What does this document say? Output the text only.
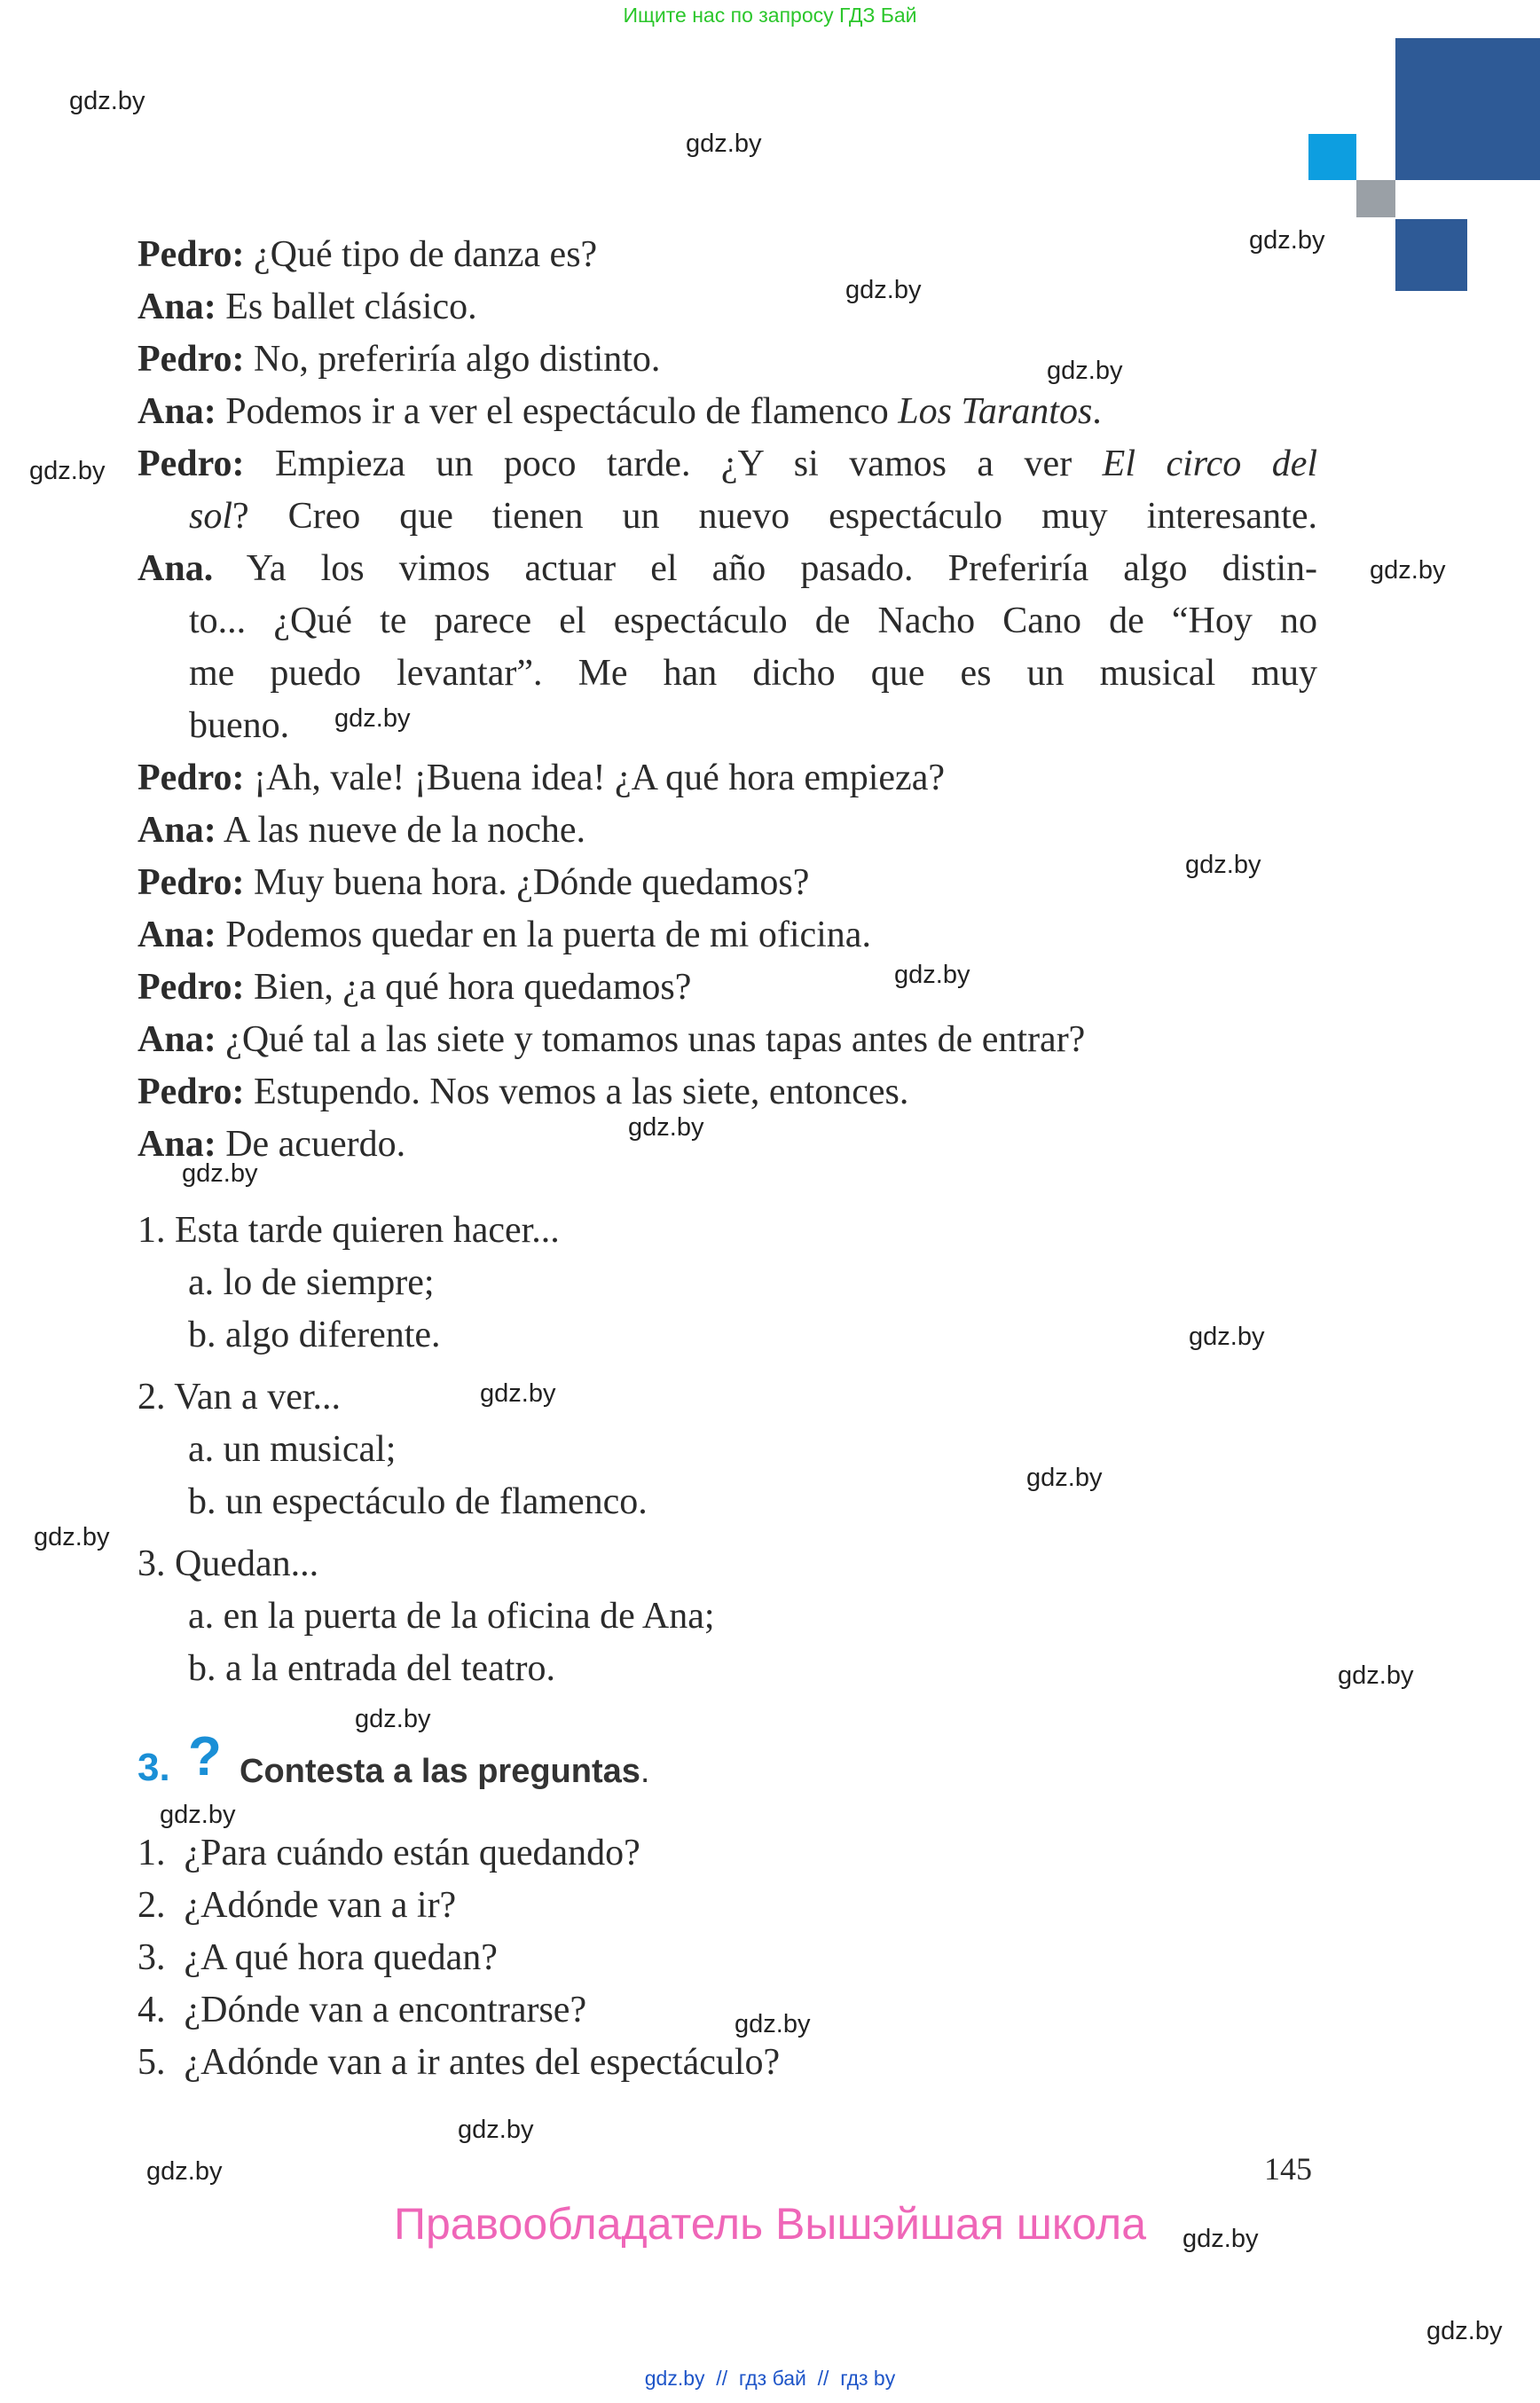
Ищите нас по запросу ГДЗ Бай
Pedro: ¿Qué tipo de danza es?
Ana: Es ballet clásico.
Pedro: No, preferiría algo distinto.
Ana: Podemos ir a ver el espectáculo de flamenco Los Tarantos.
Pedro: Empieza un poco tarde. ¿Y si vamos a ver El circo del
sol? Creo que tienen un nuevo espectáculo muy interesante.
Ana. Ya los vimos actuar el año pasado. Preferiría algo distin-
to... ¿Qué te parece el espectáculo de Nacho Cano de “Hoy no
me puedo levantar”. Me han dicho que es un musical muy
bueno.
Pedro: ¡Ah, vale! ¡Buena idea! ¿A qué hora empieza?
Ana: A las nueve de la noche.
Pedro: Muy buena hora. ¿Dónde quedamos?
Ana: Podemos quedar en la puerta de mi oficina.
Pedro: Bien, ¿a qué hora quedamos?
Ana: ¿Qué tal a las siete y tomamos unas tapas antes de entrar?
Pedro: Estupendo. Nos vemos a las siete, entonces.
Ana: De acuerdo.
1. Esta tarde quieren hacer...
a. lo de siempre;
b. algo diferente.
2. Van a ver...
a. un musical;
b. un espectáculo de flamenco.
3. Quedan...
a. en la puerta de la oficina de Ana;
b. a la entrada del teatro.
3. ? Contesta a las preguntas.
1.  ¿Para cuándo están quedando?
2.  ¿Adónde van a ir?
3.  ¿A qué hora quedan?
4.  ¿Dónde van a encontrarse?
5.  ¿Adónde van a ir antes del espectáculo?
145
Правообладатель Вышэйшая школа
gdz.by  //  гдз бай  //  гдз by
gdz.by
gdz.by
gdz.by
gdz.by
gdz.by
gdz.by
gdz.by
gdz.by
gdz.by
gdz.by
gdz.by
gdz.by
gdz.by
gdz.by
gdz.by
gdz.by
gdz.by
gdz.by
gdz.by
gdz.by
gdz.by
gdz.by
gdz.by
gdz.by
